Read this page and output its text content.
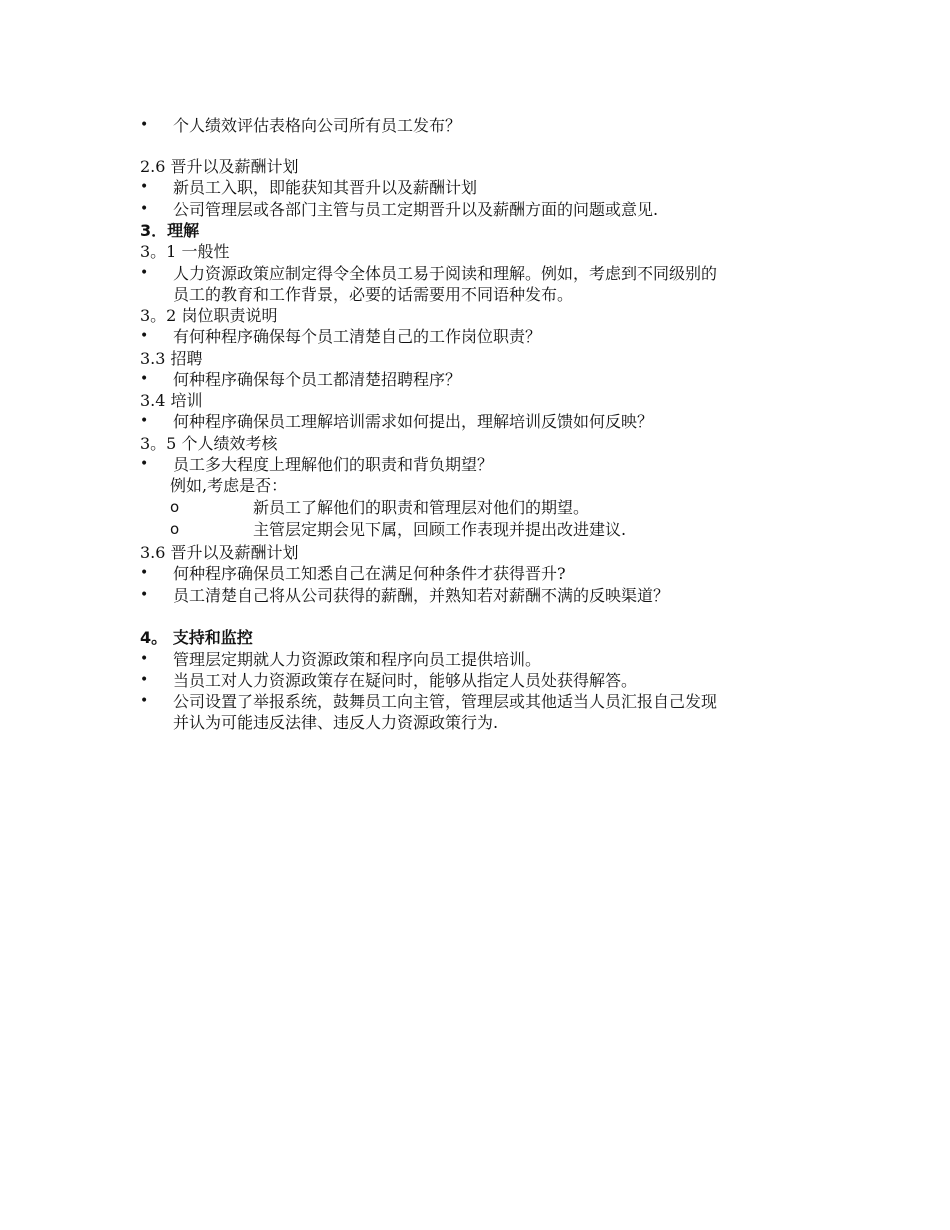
• 个人绩效评估表格向公司所有员工发布？
2.6 晋升以及薪酬计划
• 新员工入职，即能获知其晋升以及薪酬计划
• 公司管理层或各部门主管与员工定期晋升以及薪酬方面的问题或意见.
3．理解
3。1 一般性
• 人力资源政策应制定得令全体员工易于阅读和理解。例如，考虑到不同级别的
员工的教育和工作背景，必要的话需要用不同语种发布。
3。2 岗位职责说明
• 有何种程序确保每个员工清楚自己的工作岗位职责？
3.3 招聘
• 何种程序确保每个员工都清楚招聘程序？
3.4 培训
• 何种程序确保员工理解培训需求如何提出，理解培训反馈如何反映？
3。5 个人绩效考核
• 员工多大程度上理解他们的职责和背负期望？
例如,考虑是否：
o	新员工了解他们的职责和管理层对他们的期望。
o	主管层定期会见下属，回顾工作表现并提出改进建议.
3.6 晋升以及薪酬计划
• 何种程序确保员工知悉自己在满足何种条件才获得晋升?
• 员工清楚自己将从公司获得的薪酬，并熟知若对薪酬不满的反映渠道？
4。 支持和监控
• 管理层定期就人力资源政策和程序向员工提供培训。
• 当员工对人力资源政策存在疑问时，能够从指定人员处获得解答。
• 公司设置了举报系统，鼓舞员工向主管，管理层或其他适当人员汇报自己发现
并认为可能违反法律、违反人力资源政策行为.
